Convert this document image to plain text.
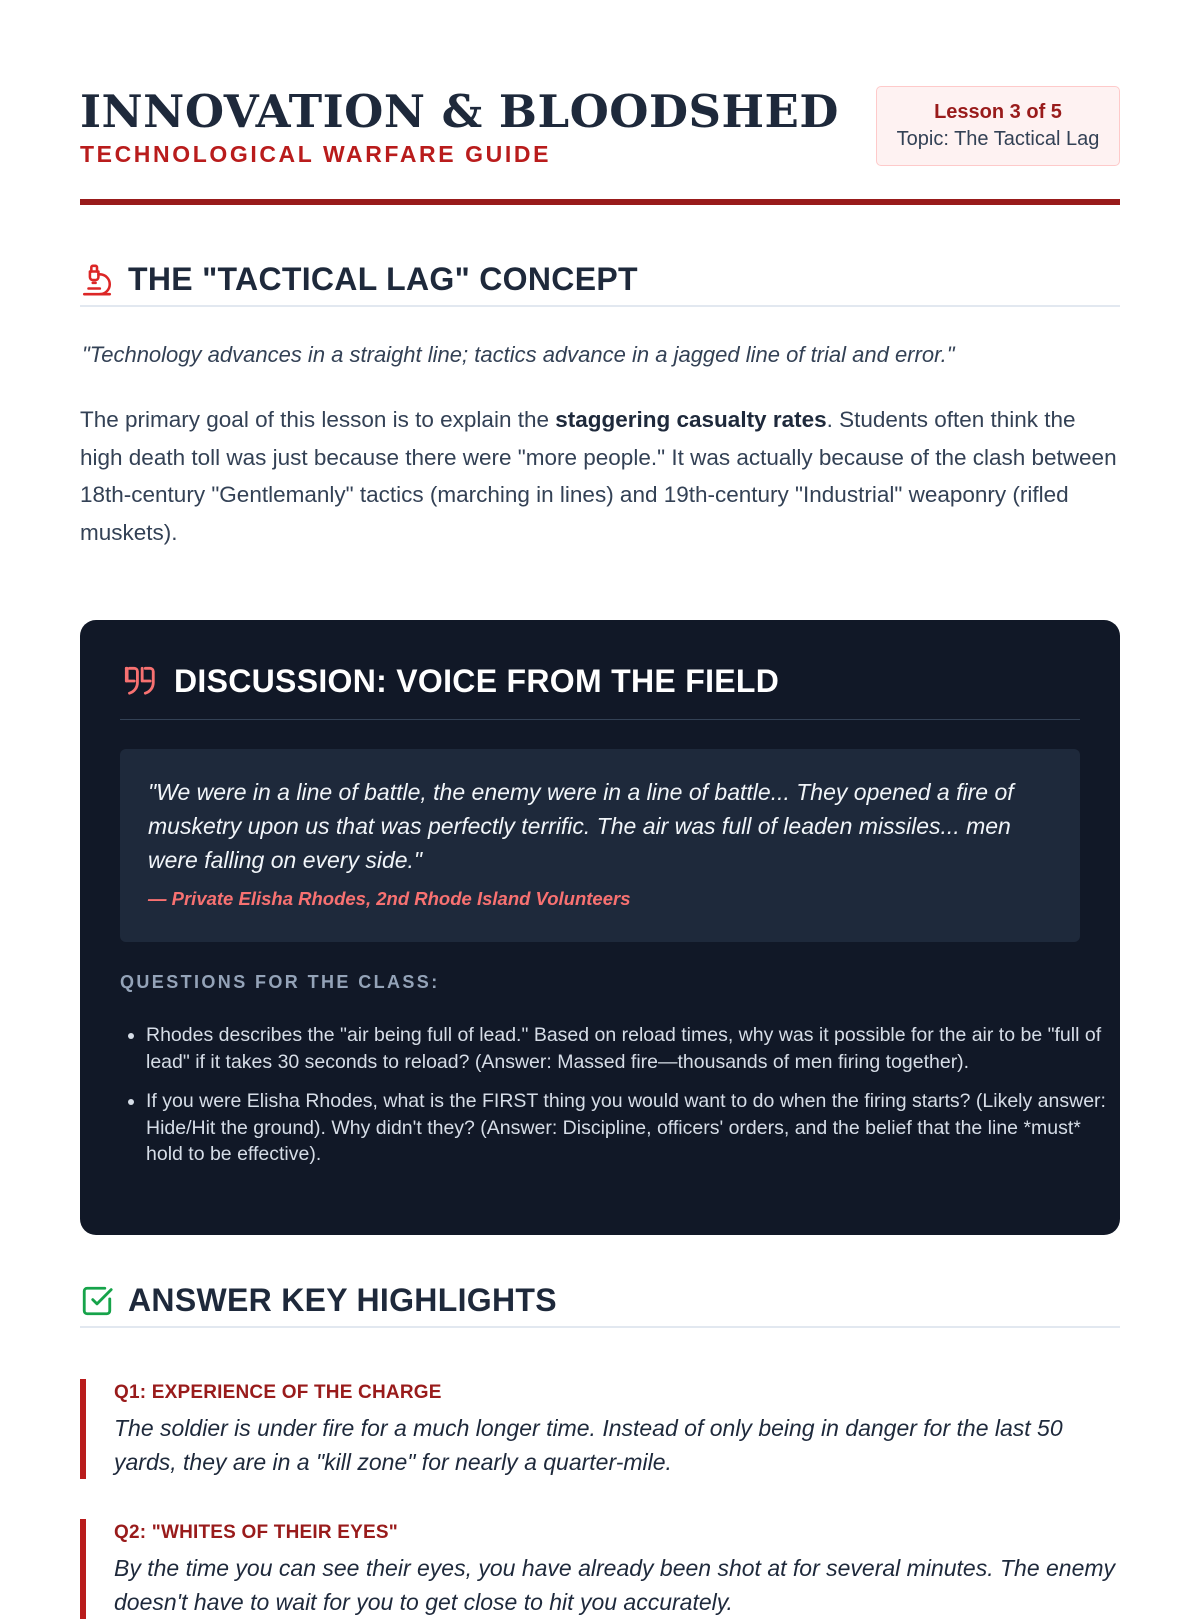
INNOVATION & BLOODSHED
TECHNOLOGICAL WARFARE GUIDE
Lesson 3 of 5
Topic: The Tactical Lag
THE "TACTICAL LAG" CONCEPT
"Technology advances in a straight line; tactics advance in a jagged line of trial and error."

The primary goal of this lesson is to explain the staggering casualty rates. Students often think the high death toll was just because there were "more people." It was actually because of the clash between 18th-century "Gentlemanly" tactics (marching in lines) and 19th-century "Industrial" weaponry (rifled muskets).

DISCUSSION: VOICE FROM THE FIELD
"We were in a line of battle, the enemy were in a line of battle... They opened a fire of musketry upon us that was perfectly terrific. The air was full of leaden missiles... men were falling on every side."
— Private Elisha Rhodes, 2nd Rhode Island Volunteers
QUESTIONS FOR THE CLASS:
• Rhodes describes the "air being full of lead." Based on reload times, why was it possible for the air to be "full of lead" if it takes 30 seconds to reload? (Answer: Massed fire—thousands of men firing together).
• If you were Elisha Rhodes, what is the FIRST thing you would want to do when the firing starts? (Likely answer: Hide/Hit the ground). Why didn't they? (Answer: Discipline, officers' orders, and the belief that the line *must* hold to be effective).
ANSWER KEY HIGHLIGHTS
Q1: EXPERIENCE OF THE CHARGE
The soldier is under fire for a much longer time. Instead of only being in danger for the last 50 yards, they are in a "kill zone" for nearly a quarter-mile.
Q2: "WHITES OF THEIR EYES"
By the time you can see their eyes, you have already been shot at for several minutes. The enemy doesn't have to wait for you to get close to hit you accurately.
